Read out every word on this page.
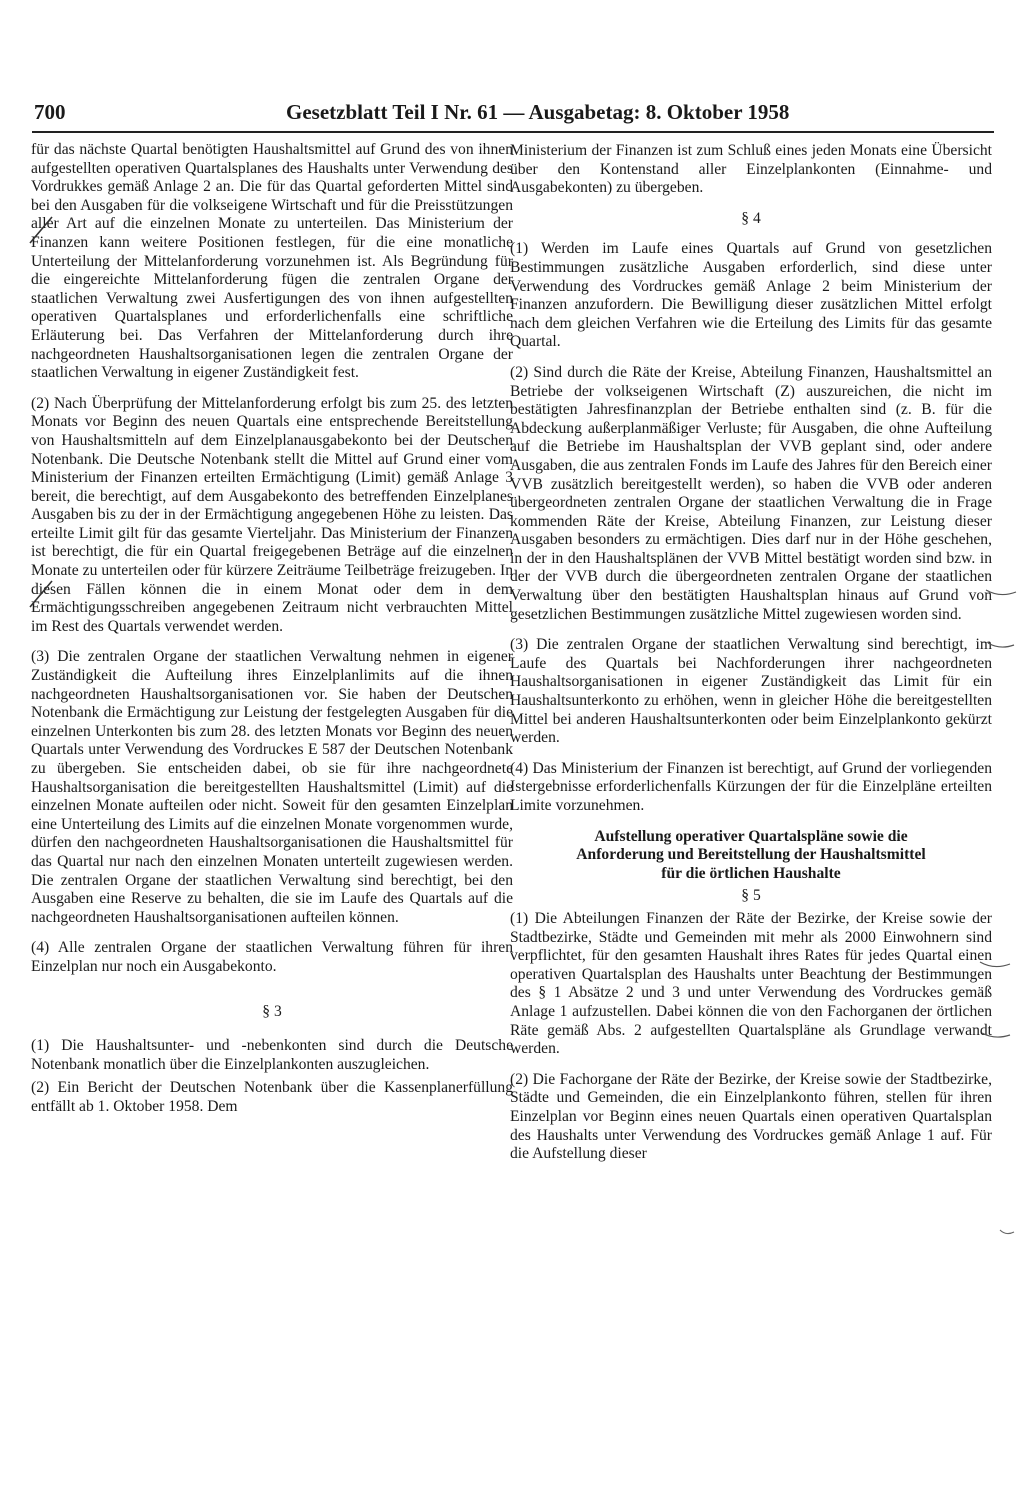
700	Gesetzblatt Teil I Nr. 61 — Ausgabetag: 8. Oktober 1958

für das nächste Quartal benötigten Haushaltsmittel auf Grund des von ihnen aufgestellten operativen Quartalsplanes des Haushalts unter Verwendung des Vordrukkes gemäß Anlage 2 an. Die für das Quartal geforderten Mittel sind bei den Ausgaben für die volkseigene Wirtschaft und für die Preisstützungen aller Art auf die einzelnen Monate zu unterteilen. Das Ministerium der Finanzen kann weitere Positionen festlegen, für die eine monatliche Unterteilung der Mittelanforderung vorzunehmen ist. Als Begründung für die eingereichte Mittelanforderung fügen die zentralen Organe der staatlichen Verwaltung zwei Ausfertigungen des von ihnen aufgestellten operativen Quartalsplanes und erforderlichenfalls eine schriftliche Erläuterung bei. Das Verfahren der Mittelanforderung durch ihre nachgeordneten Haushaltsorganisationen legen die zentralen Organe der staatlichen Verwaltung in eigener Zuständigkeit fest.

(2) Nach Überprüfung der Mittelanforderung erfolgt bis zum 25. des letzten Monats vor Beginn des neuen Quartals eine entsprechende Bereitstellung von Haushaltsmitteln auf dem Einzelplanausgabekonto bei der Deutschen Notenbank. Die Deutsche Notenbank stellt die Mittel auf Grund einer vom Ministerium der Finanzen erteilten Ermächtigung (Limit) gemäß Anlage 3 bereit, die berechtigt, auf dem Ausgabekonto des betreffenden Einzelplanes Ausgaben bis zu der in der Ermächtigung angegebenen Höhe zu leisten. Das erteilte Limit gilt für das gesamte Vierteljahr. Das Ministerium der Finanzen ist berechtigt, die für ein Quartal freigegebenen Beträge auf die einzelnen Monate zu unterteilen oder für kürzere Zeiträume Teilbeträge freizugeben. In diesen Fällen können die in einem Monat oder dem in dem Ermächtigungsschreiben angegebenen Zeitraum nicht verbrauchten Mittel im Rest des Quartals verwendet werden.

(3) Die zentralen Organe der staatlichen Verwaltung nehmen in eigener Zuständigkeit die Aufteilung ihres Einzelplanlimits auf die ihnen nachgeordneten Haushaltsorganisationen vor. Sie haben der Deutschen Notenbank die Ermächtigung zur Leistung der festgelegten Ausgaben für die einzelnen Unterkonten bis zum 28. des letzten Monats vor Beginn des neuen Quartals unter Verwendung des Vordruckes E 587 der Deutschen Notenbank zu übergeben. Sie entscheiden dabei, ob sie für ihre nachgeordnete Haushaltsorganisation die bereitgestellten Haushaltsmittel (Limit) auf die einzelnen Monate aufteilen oder nicht. Soweit für den gesamten Einzelplan eine Unterteilung des Limits auf die einzelnen Monate vorgenommen wurde, dürfen den nachgeordneten Haushaltsorganisationen die Haushaltsmittel für das Quartal nur nach den einzelnen Monaten unterteilt zugewiesen werden. Die zentralen Organe der staatlichen Verwaltung sind berechtigt, bei den Ausgaben eine Reserve zu behalten, die sie im Laufe des Quartals auf die nachgeordneten Haushaltsorganisationen aufteilen können.

(4) Alle zentralen Organe der staatlichen Verwaltung führen für ihren Einzelplan nur noch ein Ausgabekonto.

§ 3

(1) Die Haushaltsunter- und -nebenkonten sind durch die Deutsche Notenbank monatlich über die Einzelplankonten auszugleichen.

(2) Ein Bericht der Deutschen Notenbank über die Kassenplanerfüllung entfällt ab 1. Oktober 1958. Dem

Ministerium der Finanzen ist zum Schluß eines jeden Monats eine Übersicht über den Kontenstand aller Einzelplankonten (Einnahme- und Ausgabekonten) zu übergeben.

§ 4

(1) Werden im Laufe eines Quartals auf Grund von gesetzlichen Bestimmungen zusätzliche Ausgaben erforderlich, sind diese unter Verwendung des Vordruckes gemäß Anlage 2 beim Ministerium der Finanzen anzufordern. Die Bewilligung dieser zusätzlichen Mittel erfolgt nach dem gleichen Verfahren wie die Erteilung des Limits für das gesamte Quartal.

(2) Sind durch die Räte der Kreise, Abteilung Finanzen, Haushaltsmittel an Betriebe der volkseigenen Wirtschaft (Z) auszureichen, die nicht im bestätigten Jahresfinanzplan der Betriebe enthalten sind (z. B. für die Abdeckung außerplanmäßiger Verluste; für Ausgaben, die ohne Aufteilung auf die Betriebe im Haushaltsplan der VVB geplant sind, oder andere Ausgaben, die aus zentralen Fonds im Laufe des Jahres für den Bereich einer VVB zusätzlich bereitgestellt werden), so haben die VVB oder anderen übergeordneten zentralen Organe der staatlichen Verwaltung die in Frage kommenden Räte der Kreise, Abteilung Finanzen, zur Leistung dieser Ausgaben besonders zu ermächtigen. Dies darf nur in der Höhe geschehen, in der in den Haushaltsplänen der VVB Mittel bestätigt worden sind bzw. in der der VVB durch die übergeordneten zentralen Organe der staatlichen Verwaltung über den bestätigten Haushaltsplan hinaus auf Grund von gesetzlichen Bestimmungen zusätzliche Mittel zugewiesen worden sind.

(3) Die zentralen Organe der staatlichen Verwaltung sind berechtigt, im Laufe des Quartals bei Nachforderungen ihrer nachgeordneten Haushaltsorganisationen in eigener Zuständigkeit das Limit für ein Haushaltsunterkonto zu erhöhen, wenn in gleicher Höhe die bereitgestellten Mittel bei anderen Haushaltsunterkonten oder beim Einzelplankonto gekürzt werden.

(4) Das Ministerium der Finanzen ist berechtigt, auf Grund der vorliegenden Istergebnisse erforderlichenfalls Kürzungen der für die Einzelpläne erteilten Limite vorzunehmen.

Aufstellung operativer Quartalspläne sowie die
Anforderung und Bereitstellung der Haushaltsmittel
für die örtlichen Haushalte
§ 5

(1) Die Abteilungen Finanzen der Räte der Bezirke, der Kreise sowie der Stadtbezirke, Städte und Gemeinden mit mehr als 2000 Einwohnern sind verpflichtet, für den gesamten Haushalt ihres Rates für jedes Quartal einen operativen Quartalsplan des Haushalts unter Beachtung der Bestimmungen des § 1 Absätze 2 und 3 und unter Verwendung des Vordruckes gemäß Anlage 1 aufzustellen. Dabei können die von den Fachorganen der örtlichen Räte gemäß Abs. 2 aufgestellten Quartalspläne als Grundlage verwandt werden.

(2) Die Fachorgane der Räte der Bezirke, der Kreise sowie der Stadtbezirke, Städte und Gemeinden, die ein Einzelplankonto führen, stellen für ihren Einzelplan vor Beginn eines neuen Quartals einen operativen Quartalsplan des Haushalts unter Verwendung des Vordruckes gemäß Anlage 1 auf. Für die Aufstellung dieser
